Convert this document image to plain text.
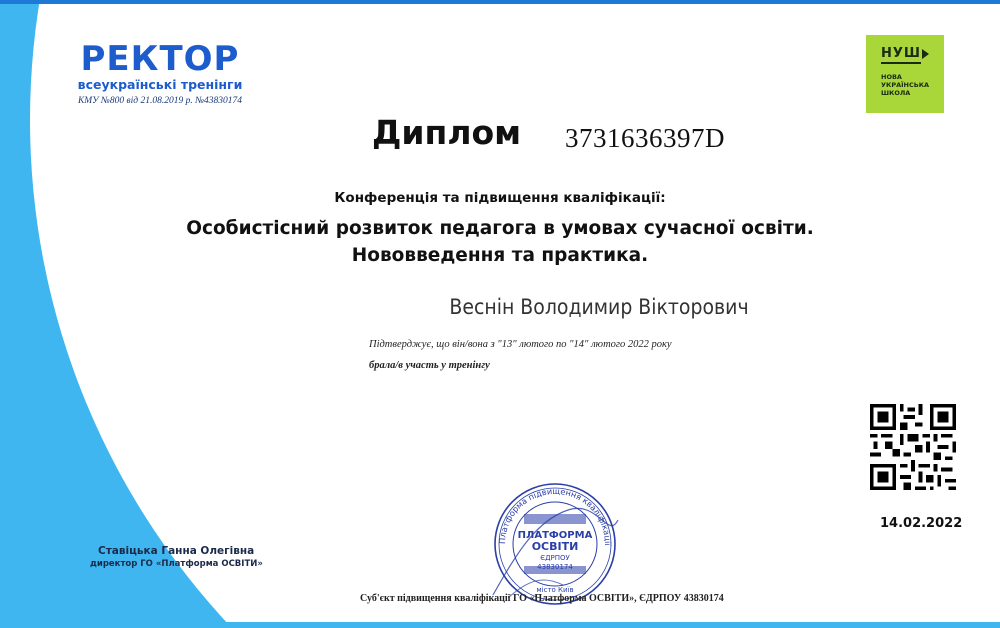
РЕКТОР
всеукраїнські тренінги
КМУ №800 від 21.08.2019 р. №43830174
Диплом 3731636397D
Конференція та підвищення кваліфікації:
Особистісний розвиток педагога в умовах сучасної освіти.
Нововведення та практика.
Веснін Володимир Вікторович
Підтверджує, що він/вона з "13" лютого по "14" лютого 2022 року
брала/в участь у тренінгу
Ставіцька Ганна Олегівна
директор ГО «Платформа ОСВІТИ»
Платформа підвищення кваліфікації
ПЛАТФОРМА
ОСВІТИ
ЄДРПОУ
43830174
місто Київ
Суб'єкт підвищення кваліфікації ГО «Платформа ОСВІТИ», ЄДРПОУ 43830174
НУШ
НОВА
УКРАЇНСЬКА
ШКОЛА
14.02.2022
